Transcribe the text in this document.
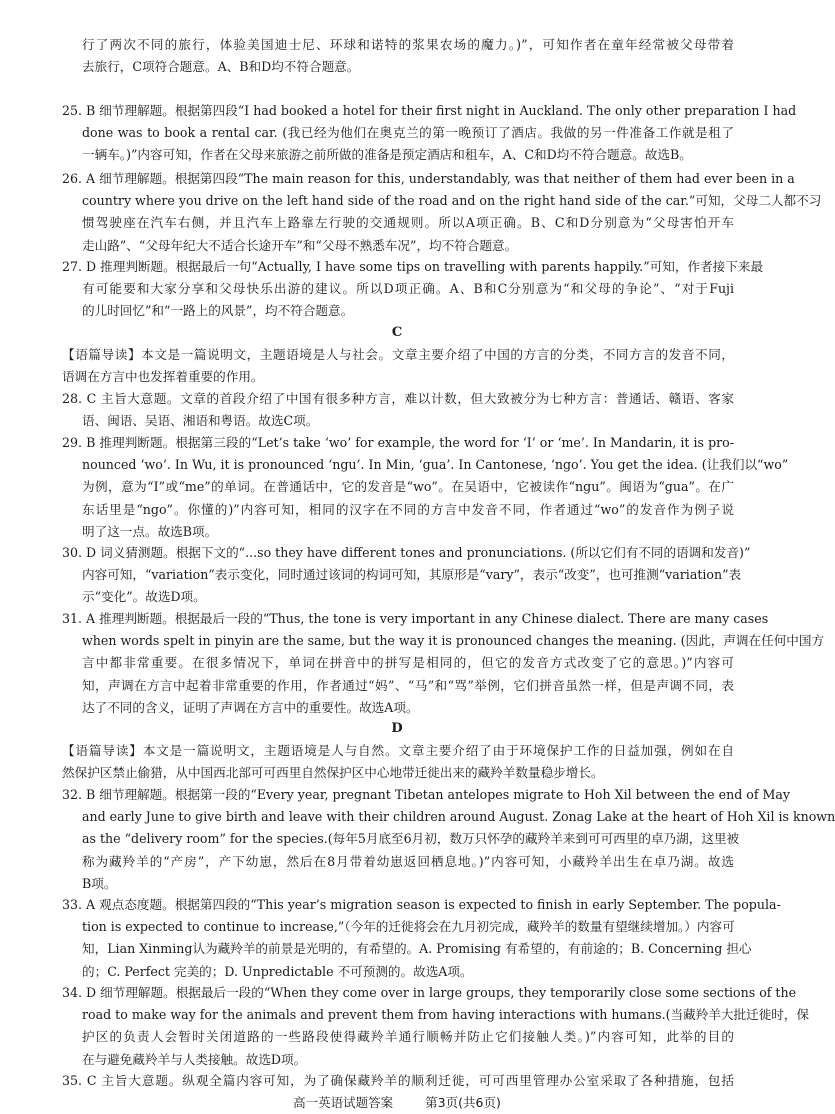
行了两次不同的旅行，体验美国迪士尼、环球和诺特的浆果农场的魔力。)”，可知作者在童年经常被父母带着
去旅行，C项符合题意。A、B和D均不符合题意。
25. B 细节理解题。根据第四段“I had booked a hotel for their first night in Auckland. The only other preparation I had
done was to book a rental car. (我已经为他们在奥克兰的第一晚预订了酒店。我做的另一件准备工作就是租了
一辆车。)”内容可知，作者在父母来旅游之前所做的准备是预定酒店和租车，A、C和D均不符合题意。故选B。
26. A 细节理解题。根据第四段“The main reason for this, understandably, was that neither of them had ever been in a
country where you drive on the left hand side of the road and on the right hand side of the car.”可知，父母二人都不习
惯驾驶座在汽车右侧，并且汽车上路靠左行驶的交通规则。所以A项正确。B、C和D分别意为“父母害怕开车
走山路”、“父母年纪大不适合长途开车”和“父母不熟悉车况”，均不符合题意。
27. D 推理判断题。根据最后一句“Actually, I have some tips on travelling with parents happily.”可知，作者接下来最
有可能要和大家分享和父母快乐出游的建议。所以D项正确。A、B和C分别意为“和父母的争论”、“对于Fuji
的儿时回忆”和“一路上的风景”，均不符合题意。
C
【语篇导读】本文是一篇说明文，主题语境是人与社会。文章主要介绍了中国的方言的分类，不同方言的发音不同，
语调在方言中也发挥着重要的作用。
28. C 主旨大意题。文章的首段介绍了中国有很多种方言，难以计数，但大致被分为七种方言：普通话、赣语、客家
语、闽语、吴语、湘语和粤语。故选C项。
29. B 推理判断题。根据第三段的“Let’s take ‘wo’ for example, the word for ‘I’ or ‘me’. In Mandarin, it is pro-
nounced ‘wo’. In Wu, it is pronounced ‘ngu’. In Min, ‘gua’. In Cantonese, ‘ngo’. You get the idea. (让我们以“wo”
为例，意为“I”或“me”的单词。在普通话中，它的发音是“wo”。在吴语中，它被读作“ngu”。闽语为“gua”。在广
东话里是“ngo”。你懂的)”内容可知，相同的汉字在不同的方言中发音不同，作者通过“wo”的发音作为例子说
明了这一点。故选B项。
30. D 词义猜测题。根据下文的“...so they have different tones and pronunciations. (所以它们有不同的语调和发音)”
内容可知，“variation”表示变化，同时通过该词的构词可知，其原形是“vary”，表示“改变”，也可推测“variation”表
示“变化”。故选D项。
31. A 推理判断题。根据最后一段的“Thus, the tone is very important in any Chinese dialect. There are many cases
when words spelt in pinyin are the same, but the way it is pronounced changes the meaning. (因此，声调在任何中国方
言中都非常重要。在很多情况下，单词在拼音中的拼写是相同的，但它的发音方式改变了它的意思。)”内容可
知，声调在方言中起着非常重要的作用，作者通过“妈”、“马”和“骂”举例，它们拼音虽然一样，但是声调不同，表
达了不同的含义，证明了声调在方言中的重要性。故选A项。
D
【语篇导读】本文是一篇说明文，主题语境是人与自然。文章主要介绍了由于环境保护工作的日益加强，例如在自
然保护区禁止偷猎，从中国西北部可可西里自然保护区中心地带迁徙出来的藏羚羊数量稳步增长。
32. B 细节理解题。根据第一段的“Every year, pregnant Tibetan antelopes migrate to Hoh Xil between the end of May
and early June to give birth and leave with their children around August. Zonag Lake at the heart of Hoh Xil is known
as the “delivery room” for the species.(每年5月底至6月初，数万只怀孕的藏羚羊来到可可西里的卓乃湖，这里被
称为藏羚羊的“产房”，产下幼崽，然后在8月带着幼崽返回栖息地。)”内容可知，小藏羚羊出生在卓乃湖。故选
B项。
33. A 观点态度题。根据第四段的“This year’s migration season is expected to finish in early September. The popula-
tion is expected to continue to increase,”（今年的迁徙将会在九月初完成，藏羚羊的数量有望继续增加。）内容可
知，Lian Xinming认为藏羚羊的前景是光明的，有希望的。A. Promising 有希望的，有前途的；B. Concerning 担心
的；C. Perfect 完美的；D. Unpredictable 不可预测的。故选A项。
34. D 细节理解题。根据最后一段的“When they come over in large groups, they temporarily close some sections of the
road to make way for the animals and prevent them from having interactions with humans.(当藏羚羊大批迁徙时，保
护区的负责人会暂时关闭道路的一些路段使得藏羚羊通行顺畅并防止它们接触人类。)”内容可知，此举的目的
在与避免藏羚羊与人类接触。故选D项。
35. C 主旨大意题。纵观全篇内容可知，为了确保藏羚羊的顺利迁徙，可可西里管理办公室采取了各种措施，包括
高一英语试题答案	第3页(共6页)
